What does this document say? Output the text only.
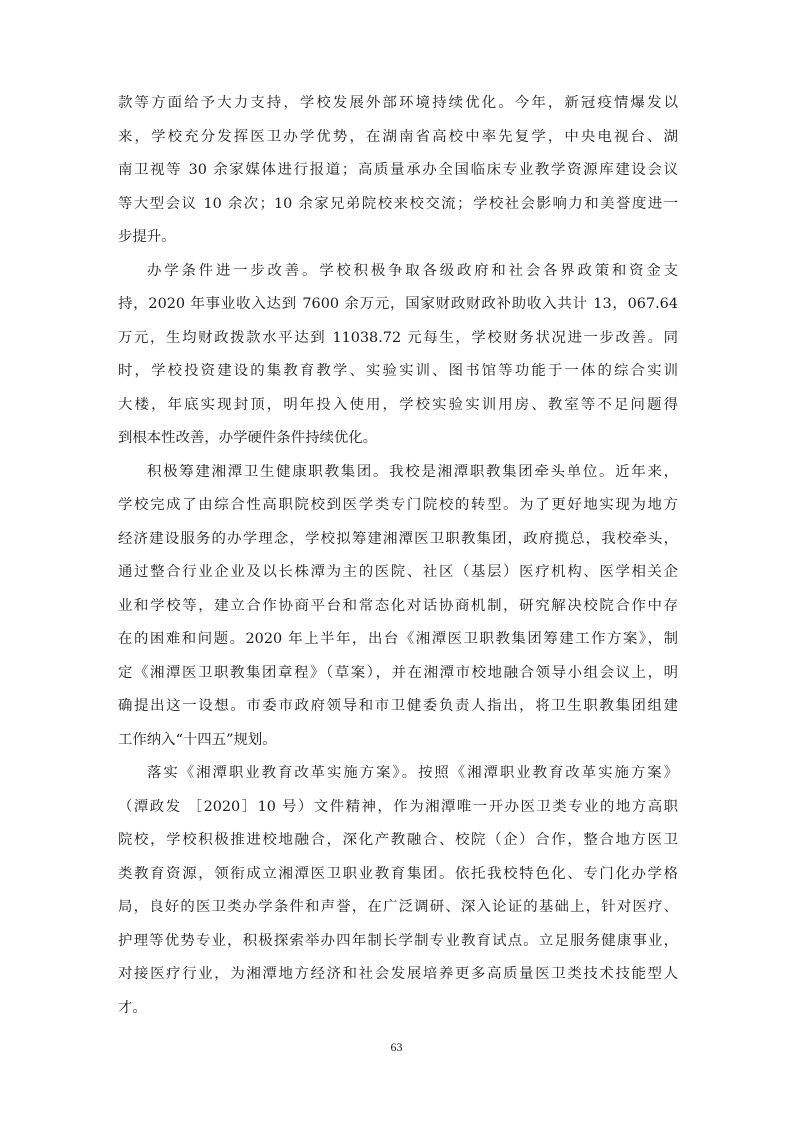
款等方面给予大力支持，学校发展外部环境持续优化。今年，新冠疫情爆发以
来，学校充分发挥医卫办学优势，在湖南省高校中率先复学，中央电视台、湖
南卫视等 30 余家媒体进行报道；高质量承办全国临床专业教学资源库建设会议
等大型会议 10 余次；10 余家兄弟院校来校交流；学校社会影响力和美誉度进一
步提升。
办学条件进一步改善。学校积极争取各级政府和社会各界政策和资金支
持，2020 年事业收入达到 7600 余万元，国家财政财政补助收入共计 13，067.64
万元，生均财政拨款水平达到 11038.72 元每生，学校财务状况进一步改善。同
时，学校投资建设的集教育教学、实验实训、图书馆等功能于一体的综合实训
大楼，年底实现封顶，明年投入使用，学校实验实训用房、教室等不足问题得
到根本性改善，办学硬件条件持续优化。
积极筹建湘潭卫生健康职教集团。我校是湘潭职教集团牵头单位。近年来，
学校完成了由综合性高职院校到医学类专门院校的转型。为了更好地实现为地方
经济建设服务的办学理念，学校拟筹建湘潭医卫职教集团，政府揽总，我校牵头，
通过整合行业企业及以长株潭为主的医院、社区（基层）医疗机构、医学相关企
业和学校等，建立合作协商平台和常态化对话协商机制，研究解决校院合作中存
在的困难和问题。2020 年上半年，出台《湘潭医卫职教集团筹建工作方案》，制
定《湘潭医卫职教集团章程》（草案），并在湘潭市校地融合领导小组会议上，明
确提出这一设想。市委市政府领导和市卫健委负责人指出，将卫生职教集团组建
工作纳入“十四五”规划。
落实《湘潭职业教育改革实施方案》。按照《湘潭职业教育改革实施方案》
（潭政发 ［2020］10 号）文件精神，作为湘潭唯一开办医卫类专业的地方高职
院校，学校积极推进校地融合，深化产教融合、校院（企）合作，整合地方医卫
类教育资源，领衔成立湘潭医卫职业教育集团。依托我校特色化、专门化办学格
局，良好的医卫类办学条件和声誉，在广泛调研、深入论证的基础上，针对医疗、
护理等优势专业，积极探索举办四年制长学制专业教育试点。立足服务健康事业，
对接医疗行业，为湘潭地方经济和社会发展培养更多高质量医卫类技术技能型人
才。
63
